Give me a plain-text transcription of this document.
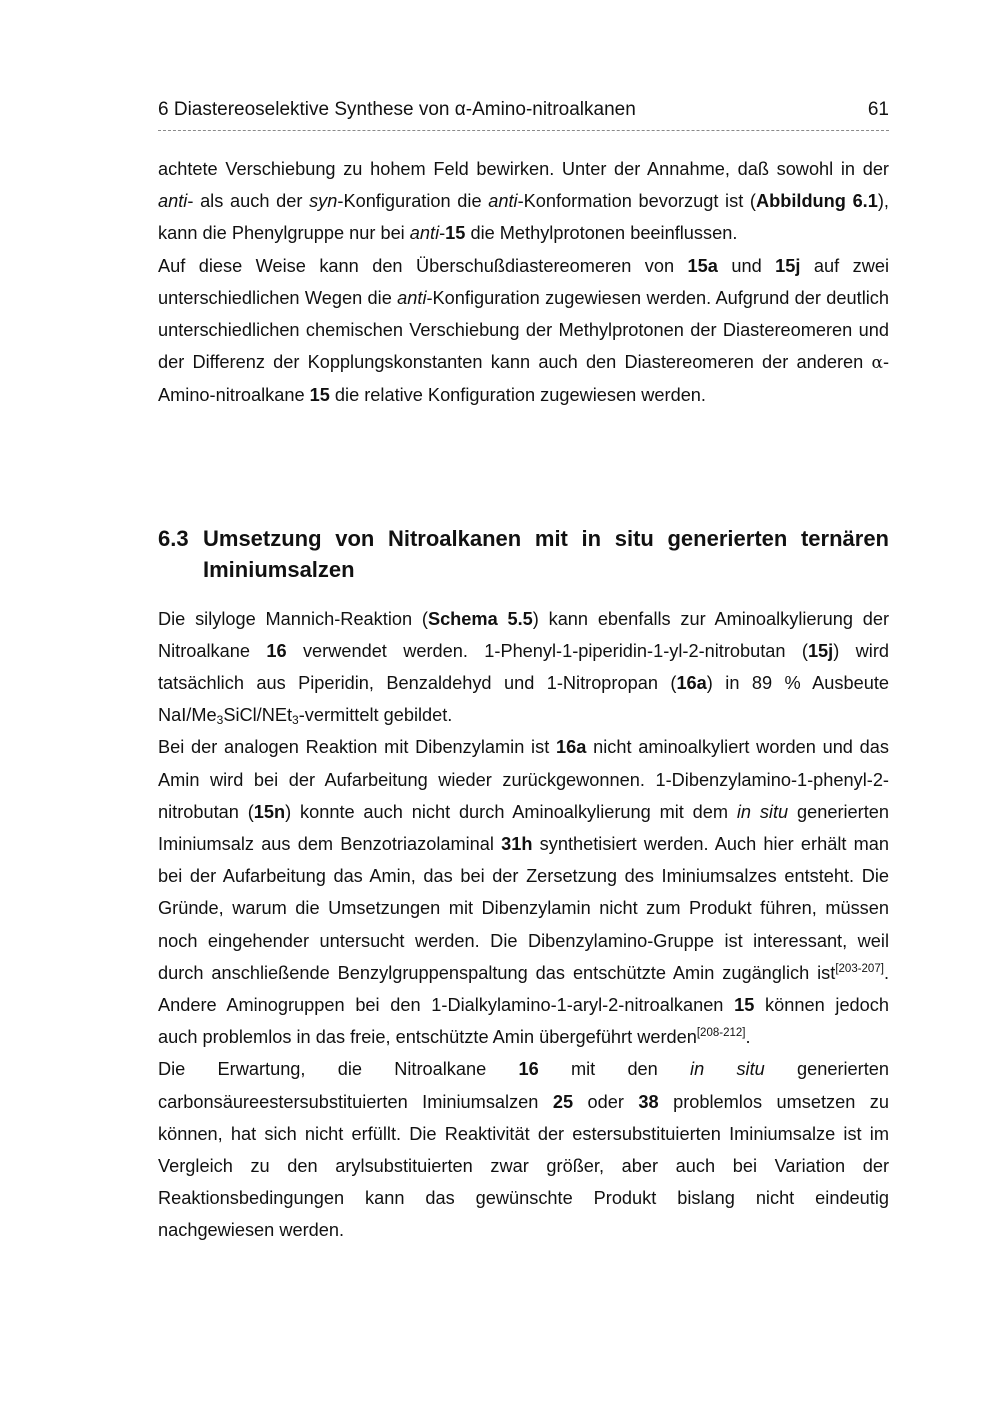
6 Diastereoselektive Synthese von α-Amino-nitroalkanen	61

achtete Verschiebung zu hohem Feld bewirken. Unter der Annahme, daß sowohl in der anti- als auch der syn-Konfiguration die anti-Konformation bevorzugt ist (Abbildung 6.1), kann die Phenylgruppe nur bei anti-15 die Methylprotonen beeinflussen.

Auf diese Weise kann den Überschußdiastereomeren von 15a und 15j auf zwei unterschiedlichen Wegen die anti-Konfiguration zugewiesen werden. Aufgrund der deutlich unterschiedlichen chemischen Verschiebung der Methylprotonen der Diastereomeren und der Differenz der Kopplungskonstanten kann auch den Diastereomeren der anderen α-Amino-nitroalkane 15 die relative Konfiguration zugewiesen werden.

6.3 Umsetzung von Nitroalkanen mit in situ generierten ternären Iminiumsalzen

Die silyloge Mannich-Reaktion (Schema 5.5) kann ebenfalls zur Aminoalkylierung der Nitroalkane 16 verwendet werden. 1-Phenyl-1-piperidin-1-yl-2-nitrobutan (15j) wird tatsächlich aus Piperidin, Benzaldehyd und 1-Nitropropan (16a) in 89 % Ausbeute NaI/$Me_3SiCl/NEt_3$-vermittelt gebildet.

Bei der analogen Reaktion mit Dibenzylamin ist 16a nicht aminoalkyliert worden und das Amin wird bei der Aufarbeitung wieder zurückgewonnen. 1-Dibenzylamino-1-phenyl-2-nitrobutan (15n) konnte auch nicht durch Aminoalkylierung mit dem in situ generierten Iminiumsalz aus dem Benzotriazolaminal 31h synthetisiert werden. Auch hier erhält man bei der Aufarbeitung das Amin, das bei der Zersetzung des Iminiumsalzes entsteht. Die Gründe, warum die Umsetzungen mit Dibenzylamin nicht zum Produkt führen, müssen noch eingehender untersucht werden. Die Dibenzylamino-Gruppe ist interessant, weil durch anschließende Benzylgruppenspaltung das entschützte Amin zugänglich ist[203-207]. Andere Aminogruppen bei den 1-Dialkylamino-1-aryl-2-nitroalkanen 15 können jedoch auch problemlos in das freie, entschützte Amin übergeführt werden[208-212].

Die Erwartung, die Nitroalkane 16 mit den in situ generierten carbonsäureestersubstituierten Iminiumsalzen 25 oder 38 problemlos umsetzen zu können, hat sich nicht erfüllt. Die Reaktivität der estersubstituierten Iminiumsalze ist im Vergleich zu den arylsubstituierten zwar größer, aber auch bei Variation der Reaktionsbedingungen kann das gewünschte Produkt bislang nicht eindeutig nachgewiesen werden.
